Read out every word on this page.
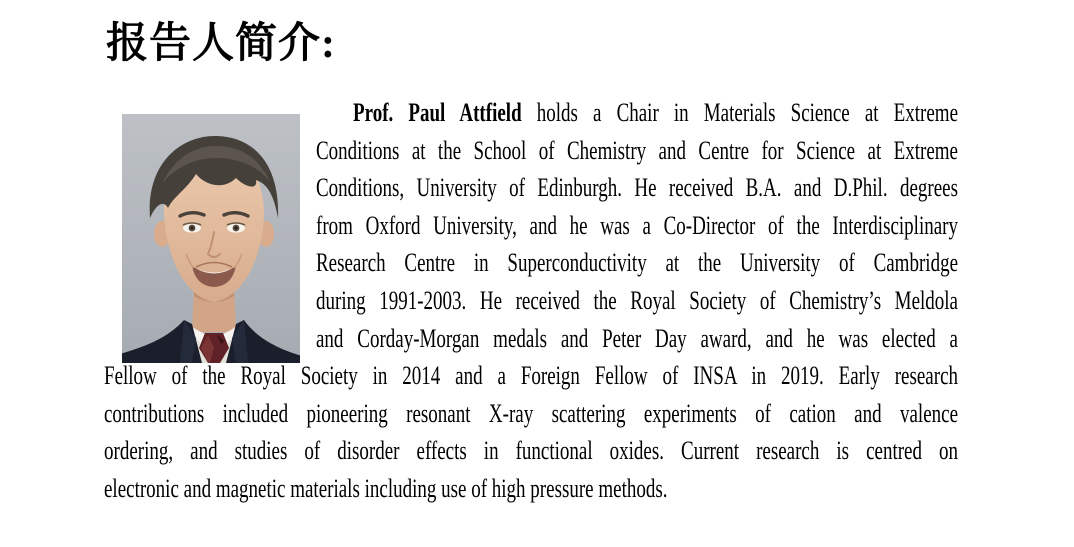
报告人简介:
Prof. Paul Attfield holds a Chair in Materials Science at Extreme
Conditions at the School of Chemistry and Centre for Science at Extreme
Conditions, University of Edinburgh. He received B.A. and D.Phil. degrees
from Oxford University, and he was a Co-Director of the Interdisciplinary
Research Centre in Superconductivity at the University of Cambridge
during 1991-2003. He received the Royal Society of Chemistry’s Meldola
and Corday-Morgan medals and Peter Day award, and he was elected a
Fellow of the Royal Society in 2014 and a Foreign Fellow of INSA in 2019. Early research
contributions included pioneering resonant X-ray scattering experiments of cation and valence
ordering, and studies of disorder effects in functional oxides. Current research is centred on
electronic and magnetic materials including use of high pressure methods.
